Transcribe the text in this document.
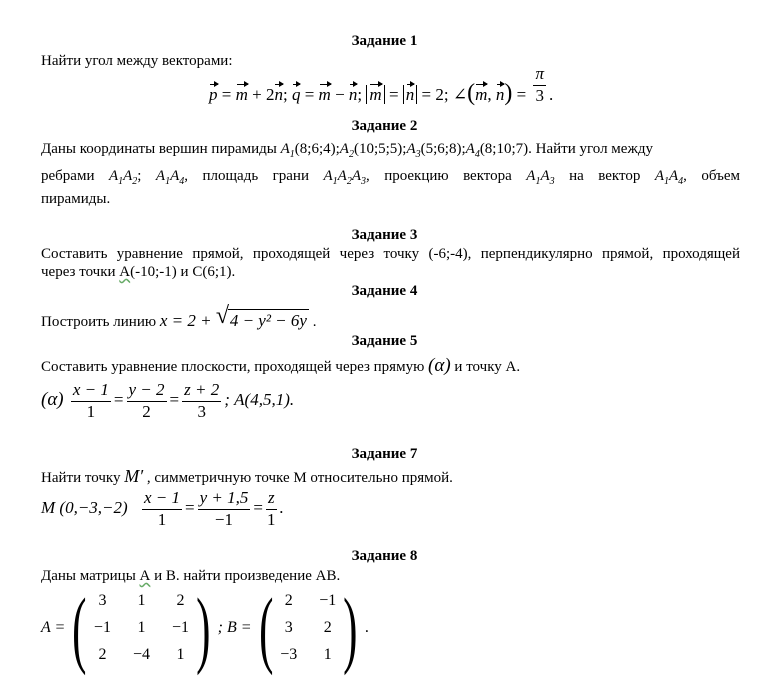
Задание 1
Найти угол между векторами:
p = m + 2n; q = m − n; m = n = 2; ∠(m, $n) = \frac{\pi}{3}$ .
Задание 2
Даны координаты вершин пирамиды $A_1(8;6;4);A_2(10;5;5);A_3(5;6;8);A_4(8;10;7)$. Найти угол между
ребрами $A_1A_2$; $A_1A_4$, площадь грани $A_1A_2A_3$, проекцию вектора $A_1A_3$ на вектор $A_1A_4$, объем
пирамиды.
Задание 3
Составить уравнение прямой, проходящей через точку (-6;-4), перпендикулярно прямой, проходящей
через точки А(-10;-1) и С(6;1).
Задание 4
Построить линию x = 2 + √ 4 − y² − 6y .
Задание 5
Составить уравнение плоскости, проходящей через прямую (α) и точку А.
$(\alpha) \frac{x - 1}{1} = \frac{y - 2}{2} = \frac{z + 2}{3}$ ; A(4,5,1).
Задание 7
Найти точку M′ , симметричную точке М относительно прямой.
M $(0,-3,-2) \frac{x - 1}{1} = \frac{y + 1,5}{-1} = \frac{z}{1}$ .
Задание 8
Даны матрицы А и В. найти произведение АВ.
A = ( 3 1 2
−1 1 −1
2 −4 1 ) ; B = ( 2 −1
3 2
−3 1 ) .
